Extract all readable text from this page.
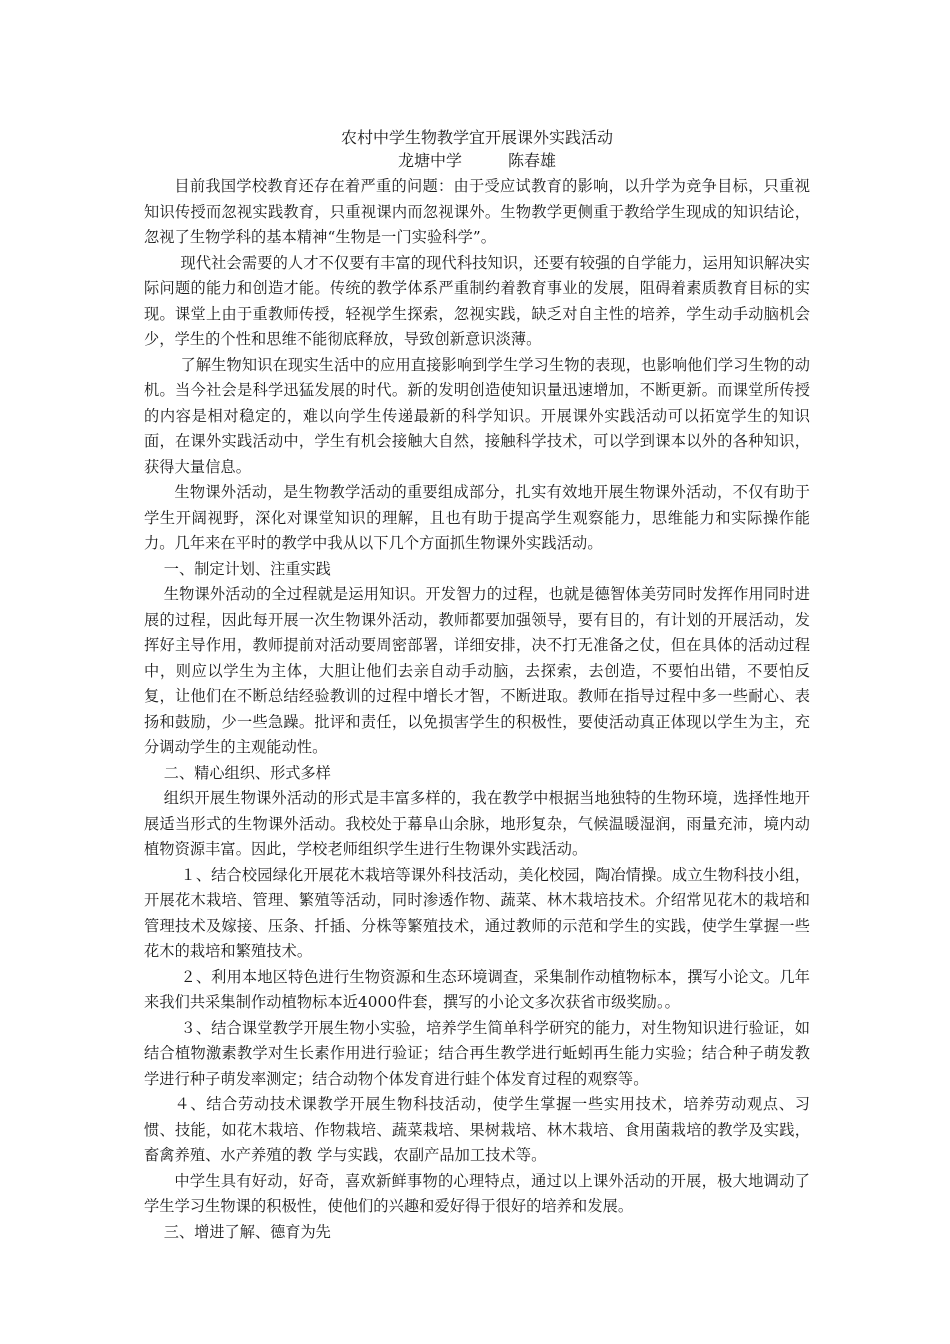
农村中学生物教学宜开展课外实践活动
龙塘中学	陈春雄

目前我国学校教育还存在着严重的问题：由于受应试教育的影响，以升学为竞争目标，只重视知识传授而忽视实践教育，只重视课内而忽视课外。生物教学更侧重于教给学生现成的知识结论，忽视了生物学科的基本精神“生物是一门实验科学”。

现代社会需要的人才不仅要有丰富的现代科技知识，还要有较强的自学能力，运用知识解决实际问题的能力和创造才能。传统的教学体系严重制约着教育事业的发展，阻碍着素质教育目标的实现。课堂上由于重教师传授，轻视学生探索，忽视实践，缺乏对自主性的培养，学生动手动脑机会少，学生的个性和思维不能彻底释放，导致创新意识淡薄。

了解生物知识在现实生活中的应用直接影响到学生学习生物的表现，也影响他们学习生物的动机。当今社会是科学迅猛发展的时代。新的发明创造使知识量迅速增加，不断更新。而课堂所传授的内容是相对稳定的，难以向学生传递最新的科学知识。开展课外实践活动可以拓宽学生的知识面，在课外实践活动中，学生有机会接触大自然，接触科学技术，可以学到课本以外的各种知识，获得大量信息。

生物课外活动，是生物教学活动的重要组成部分，扎实有效地开展生物课外活动，不仅有助于学生开阔视野，深化对课堂知识的理解，且也有助于提高学生观察能力，思维能力和实际操作能力。几年来在平时的教学中我从以下几个方面抓生物课外实践活动。

一、制定计划、注重实践

生物课外活动的全过程就是运用知识。开发智力的过程，也就是德智体美劳同时发挥作用同时进展的过程，因此每开展一次生物课外活动，教师都要加强领导，要有目的，有计划的开展活动，发挥好主导作用，教师提前对活动要周密部署，详细安排，决不打无准备之仗，但在具体的活动过程中，则应以学生为主体，大胆让他们去亲自动手动脑，去探索，去创造，不要怕出错，不要怕反复，让他们在不断总结经验教训的过程中增长才智，不断进取。教师在指导过程中多一些耐心、表扬和鼓励，少一些急躁。批评和责任，以免损害学生的积极性，要使活动真正体现以学生为主，充分调动学生的主观能动性。

二、精心组织、形式多样

组织开展生物课外活动的形式是丰富多样的，我在教学中根据当地独特的生物环境，选择性地开展适当形式的生物课外活动。我校处于幕阜山余脉，地形复杂，气候温暖湿润，雨量充沛，境内动植物资源丰富。因此，学校老师组织学生进行生物课外实践活动。

１、结合校园绿化开展花木栽培等课外科技活动，美化校园，陶冶情操。成立生物科技小组，开展花木栽培、管理、繁殖等活动，同时渗透作物、蔬菜、林木栽培技术。介绍常见花木的栽培和管理技术及嫁接、压条、扦插、分株等繁殖技术，通过教师的示范和学生的实践，使学生掌握一些花木的栽培和繁殖技术。

２、利用本地区特色进行生物资源和生态环境调查，采集制作动植物标本，撰写小论文。几年来我们共采集制作动植物标本近4000件套，撰写的小论文多次获省市级奖励。。

３、结合课堂教学开展生物小实验，培养学生简单科学研究的能力，对生物知识进行验证，如结合植物激素教学对生长素作用进行验证；结合再生教学进行蚯蚓再生能力实验；结合种子萌发教学进行种子萌发率测定；结合动物个体发育进行蛙个体发育过程的观察等。

４、结合劳动技术课教学开展生物科技活动，使学生掌握一些实用技术，培养劳动观点、习惯、技能，如花木栽培、作物栽培、蔬菜栽培、果树栽培、林木栽培、食用菌栽培的教学及实践，畜禽养殖、水产养殖的教 学与实践，农副产品加工技术等。

中学生具有好动，好奇，喜欢新鲜事物的心理特点，通过以上课外活动的开展，极大地调动了学生学习生物课的积极性，使他们的兴趣和爱好得于很好的培养和发展。

三、增进了解、德育为先
